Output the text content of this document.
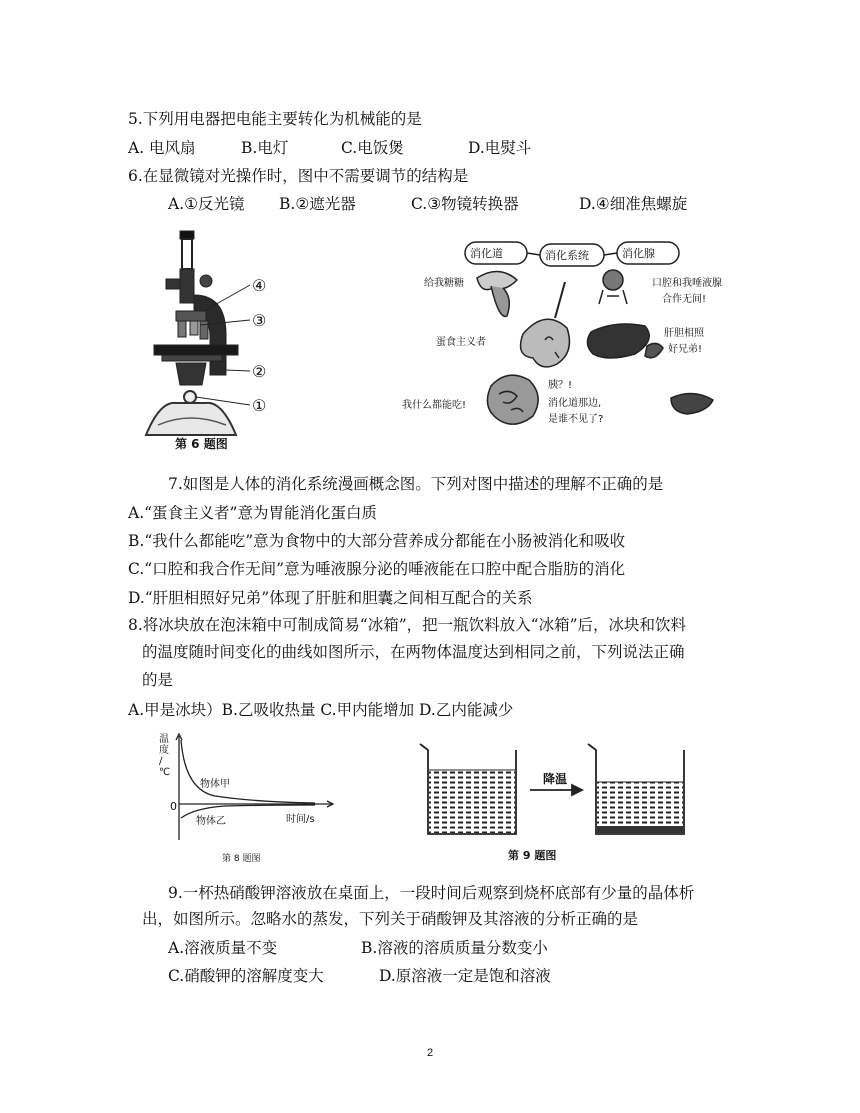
5.下列用电器把电能主要转化为机械能的是
A. 电风扇	B.电灯	C.电饭煲	D.电熨斗
6.在显微镜对光操作时，图中不需要调节的结构是
A.①反光镜 B.②遮光器	C.③物镜转换器	D.④细准焦螺旋
④
③
②
①
第 6 题图
消化道	消化系统	消化腺
给我糖糖	口腔和我唾液腺
合作无间!
蛋食主义者
肝胆相照
好兄弟!
胰？!
消化道那边,
是谁不见了?
我什么都能吃!
7.如图是人体的消化系统漫画概念图。下列对图中描述的理解不正确的是
A.“蛋食主义者”意为胃能消化蛋白质
B.“我什么都能吃”意为食物中的大部分营养成分都能在小肠被消化和吸收
C.“口腔和我合作无间”意为唾液腺分泌的唾液能在口腔中配合脂肪的消化
D.“肝胆相照好兄弟”体现了肝脏和胆囊之间相互配合的关系
8.将冰块放在泡沫箱中可制成简易“冰箱”，把一瓶饮料放入“冰箱”后，冰块和饮料
的温度随时间变化的曲线如图所示，在两物体温度达到相同之前，下列说法正确
的是
A.甲是冰块）B.乙吸收热量 C.甲内能增加 D.乙内能减少
温
度
/
℃
0
物体甲
物体乙	时间/s
第 8 题图
降温
第 9 题图
9.一杯热硝酸钾溶液放在桌面上，一段时间后观察到烧杯底部有少量的晶体析
出，如图所示。忽略水的蒸发，下列关于硝酸钾及其溶液的分析正确的是
A.溶液质量不变	B.溶液的溶质质量分数变小
C.硝酸钾的溶解度变大	D.原溶液一定是饱和溶液
2
